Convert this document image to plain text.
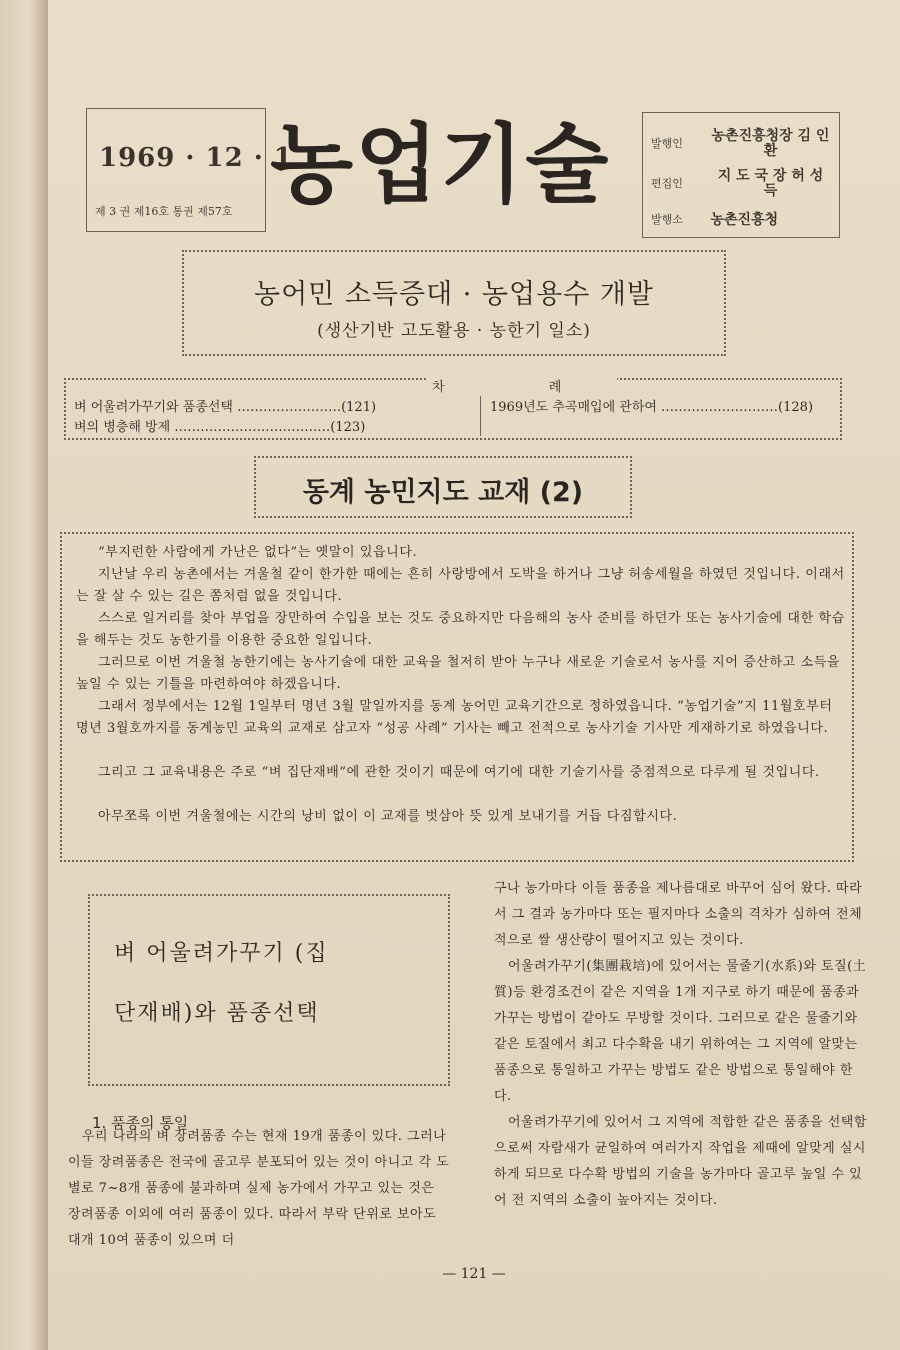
1969 · 12 · 1
제 3 권 제16호 통권 제57호 농업기술	발행인 농촌진흥청장 김 인 환
편집인 지 도 국 장 허 성 득
발행소 농촌진흥청
농어민 소득증대 · 농업용수 개발
(생산기반 고도활용 · 농한기 일소)
차 례
벼 어울려가꾸기와 품종선택 ……………………(121)
벼의 병충해 방제 ………………………………(123)
1969년도 추곡매입에 관하여 ………………………(128)
동계 농민지도 교재 (2)
“부지런한 사람에게 가난은 없다”는 옛말이 있읍니다.
지난날 우리 농촌에서는 겨울철 같이 한가한 때에는 흔히 사랑방에서 도박을 하거나 그냥 허송세월을 하였던 것입니다. 이래서는 잘 살 수 있는 길은 쫌처럼 없을 것입니다.
스스로 일거리를 찾아 부업을 장만하여 수입을 보는 것도 중요하지만 다음해의 농사 준비를 하던가 또는 농사기술에 대한 학습을 해두는 것도 농한기를 이용한 중요한 일입니다.
그러므로 이번 겨울철 농한기에는 농사기술에 대한 교육을 철저히 받아 누구나 새로운 기술로서 농사를 지어 증산하고 소득을 높일 수 있는 기틀을 마련하여야 하겠읍니다.
그래서 정부에서는 12월 1일부터 명년 3월 말일까지를 동계 농어민 교육기간으로 정하였읍니다. “농업기술”지 11월호부터 명년 3월호까지를 동계농민 교육의 교재로 삼고자 “성공 사례” 기사는 빼고 전적으로 농사기술 기사만 게재하기로 하였읍니다.
그리고 그 교육내용은 주로 “벼 집단재배”에 관한 것이기 때문에 여기에 대한 기술기사를 중점적으로 다루게 될 것입니다.
아무쪼록 이번 겨울철에는 시간의 낭비 없이 이 교재를 벗삼아 뜻 있게 보내기를 거듭 다짐합시다.
벼 어울려가꾸기 (집
단재배)와 품종선택
1. 품종의 통일

우리 나라의 벼 장려품종 수는 현재 19개 품종이 있다. 그러나 이들 장려품종은 전국에 골고루 분포되어 있는 것이 아니고 각 도별로 7~8개 품종에 불과하며 실제 농가에서 가꾸고 있는 것은 장려품종 이외에 여러 품종이 있다. 따라서 부락 단위로 보아도 대개 10여 품종이 있으며 더

구나 농가마다 이들 품종을 제나름대로 바꾸어 심어 왔다. 따라서 그 결과 농가마다 또는 필지마다 소출의 격차가 심하여 전체적으로 쌀 생산량이 떨어지고 있는 것이다.

어울려가꾸기(集團栽培)에 있어서는 물줄기(水系)와 토질(土質)등 환경조건이 같은 지역을 1개 지구로 하기 때문에 품종과 가꾸는 방법이 같아도 무방할 것이다. 그러므로 같은 물줄기와 같은 토질에서 최고 다수확을 내기 위하여는 그 지역에 알맞는 품종으로 통일하고 가꾸는 방법도 같은 방법으로 통일해야 한다.

어울려가꾸기에 있어서 그 지역에 적합한 같은 품종을 선택함으로써 자람새가 균일하여 여러가지 작업을 제때에 알맞게 실시하게 되므로 다수확 방법의 기술을 농가마다 골고루 높일 수 있어 전 지역의 소출이 높아지는 것이다.

— 121 —
